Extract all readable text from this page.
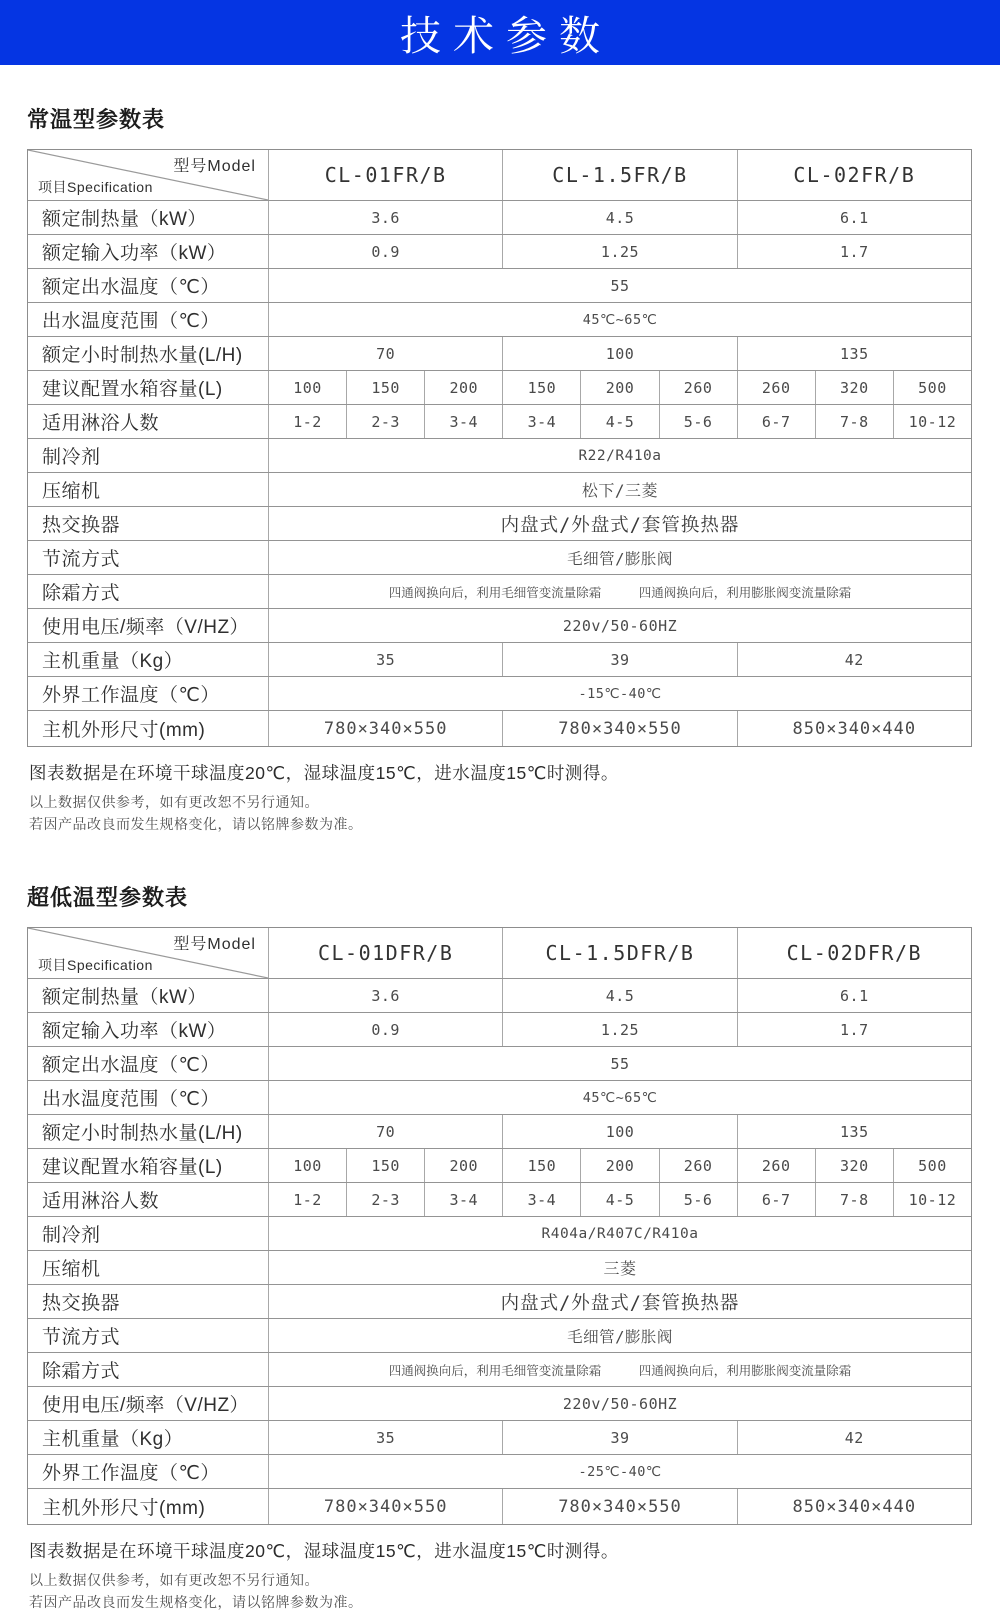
技术参数
常温型参数表
型号Model
项目Specification	CL-01FR/B	CL-1.5FR/B	CL-02FR/B
额定制热量（kW）	3.6	4.5	6.1
额定输入功率（kW）	0.9	1.25	1.7
额定出水温度（℃）	55
出水温度范围（℃）	45℃~65℃
额定小时制热水量(L/H)	70	100	135
建议配置水箱容量(L)	100	150	200	150	200	260	260	320	500
适用淋浴人数	1-2	2-3	3-4	3-4	4-5	5-6	6-7	7-8	10-12
制冷剂	R22/R410a
压缩机	松下/三菱
热交换器	内盘式/外盘式/套管换热器
节流方式	毛细管/膨胀阀
除霜方式	四通阀换向后，利用毛细管变流量除霜　　　四通阀换向后，利用膨胀阀变流量除霜
使用电压/频率（V/HZ）	220v/50-60HZ
主机重量（Kg）	35	39	42
外界工作温度（℃）	-15℃-40℃
主机外形尺寸(mm)	780×340×550	780×340×550	850×340×440

图表数据是在环境干球温度20℃，湿球温度15℃，进水温度15℃时测得。

以上数据仅供参考，如有更改恕不另行通知。

若因产品改良而发生规格变化，请以铭牌参数为准。

超低温型参数表
型号Model
项目Specification	CL-01DFR/B	CL-1.5DFR/B	CL-02DFR/B
额定制热量（kW）	3.6	4.5	6.1
额定输入功率（kW）	0.9	1.25	1.7
额定出水温度（℃）	55
出水温度范围（℃）	45℃~65℃
额定小时制热水量(L/H)	70	100	135
建议配置水箱容量(L)	100	150	200	150	200	260	260	320	500
适用淋浴人数	1-2	2-3	3-4	3-4	4-5	5-6	6-7	7-8	10-12
制冷剂	R404a/R407C/R410a
压缩机	三菱
热交换器	内盘式/外盘式/套管换热器
节流方式	毛细管/膨胀阀
除霜方式	四通阀换向后，利用毛细管变流量除霜　　　四通阀换向后，利用膨胀阀变流量除霜
使用电压/频率（V/HZ）	220v/50-60HZ
主机重量（Kg）	35	39	42
外界工作温度（℃）	-25℃-40℃
主机外形尺寸(mm)	780×340×550	780×340×550	850×340×440

图表数据是在环境干球温度20℃，湿球温度15℃，进水温度15℃时测得。

以上数据仅供参考，如有更改恕不另行通知。

若因产品改良而发生规格变化，请以铭牌参数为准。
